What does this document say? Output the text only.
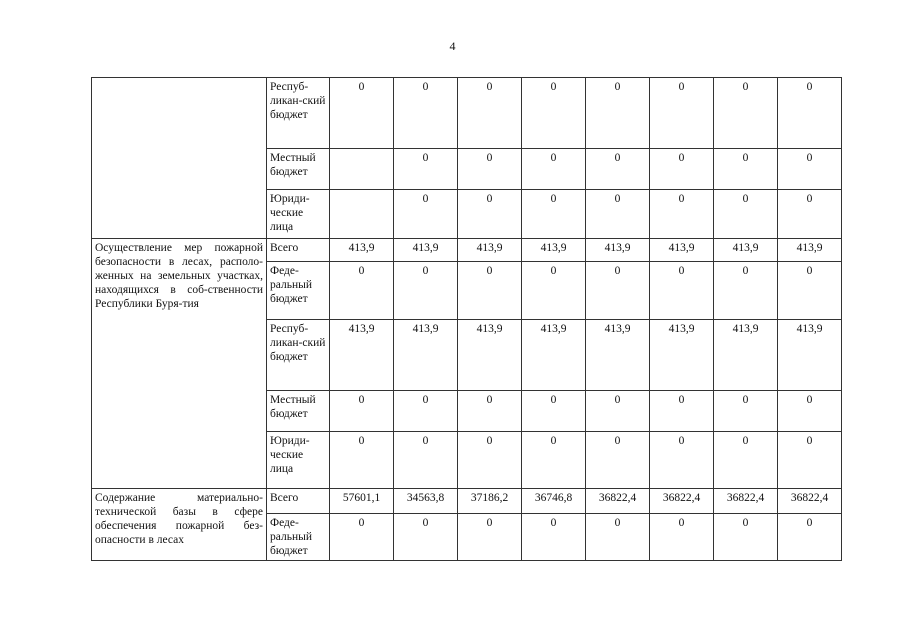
4

	Респуб-ликан-ский бюджет	0	0	0	0	0	0	0	0

	Местный бюджет		0	0	0	0	0	0	0

	Юриди-ческие лица		0	0	0	0	0	0	0
Осуществление мер пожарной безопасности в лесах, располо-женных на земельных участках, находящихся в соб-ственности Республики Буря-тия	Всего	413,9	413,9	413,9	413,9	413,9	413,9	413,9	413,9

	Феде-ральный бюджет	0	0	0	0	0	0	0	0

	Респуб-ликан-ский бюджет	413,9	413,9	413,9	413,9	413,9	413,9	413,9	413,9

	Местный бюджет	0	0	0	0	0	0	0	0

	Юриди-ческие лица	0	0	0	0	0	0	0	0
Содержание материально-технической базы в сфере обеспечения пожарной без-опасности в лесах	Всего	57601,1	34563,8	37186,2	36746,8	36822,4	36822,4	36822,4	36822,4

	Феде-ральный бюджет	0	0	0	0	0	0	0	0
